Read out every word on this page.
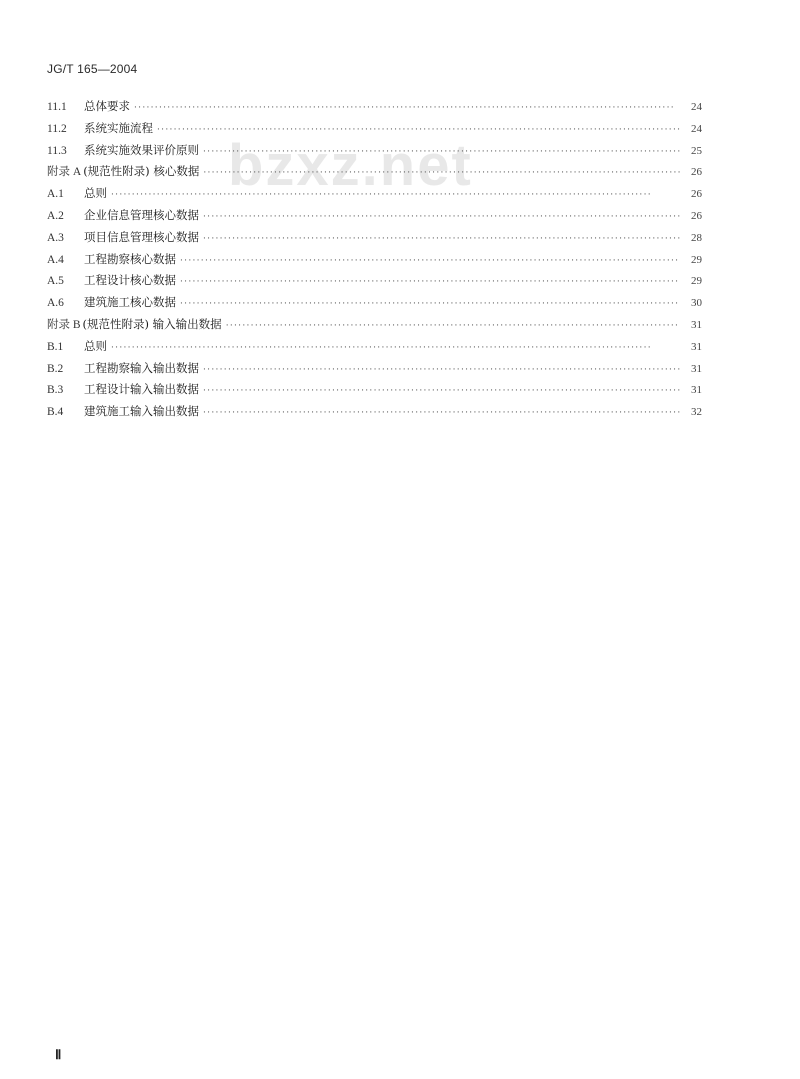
JG/T 165—2004
bzxz.net
11.1	总体要求 ·····	24
11.2	系统实施流程 ·····	24
11.3	系统实施效果评价原则 ·····	25
附录 A (规范性附录) 核心数据 ·····	26
A.1	总则 ·····	26
A.2	企业信息管理核心数据 ·····	26
A.3	项目信息管理核心数据 ·····	28
A.4	工程勘察核心数据 ·····	29
A.5	工程设计核心数据 ·····	29
A.6	建筑施工核心数据 ·····	30
附录 B (规范性附录) 输入输出数据 ·····	31
B.1	总则 ·····	31
B.2	工程勘察输入输出数据 ·····	31
B.3	工程设计输入输出数据 ·····	31
B.4	建筑施工输入输出数据 ·····	32
Ⅱ
